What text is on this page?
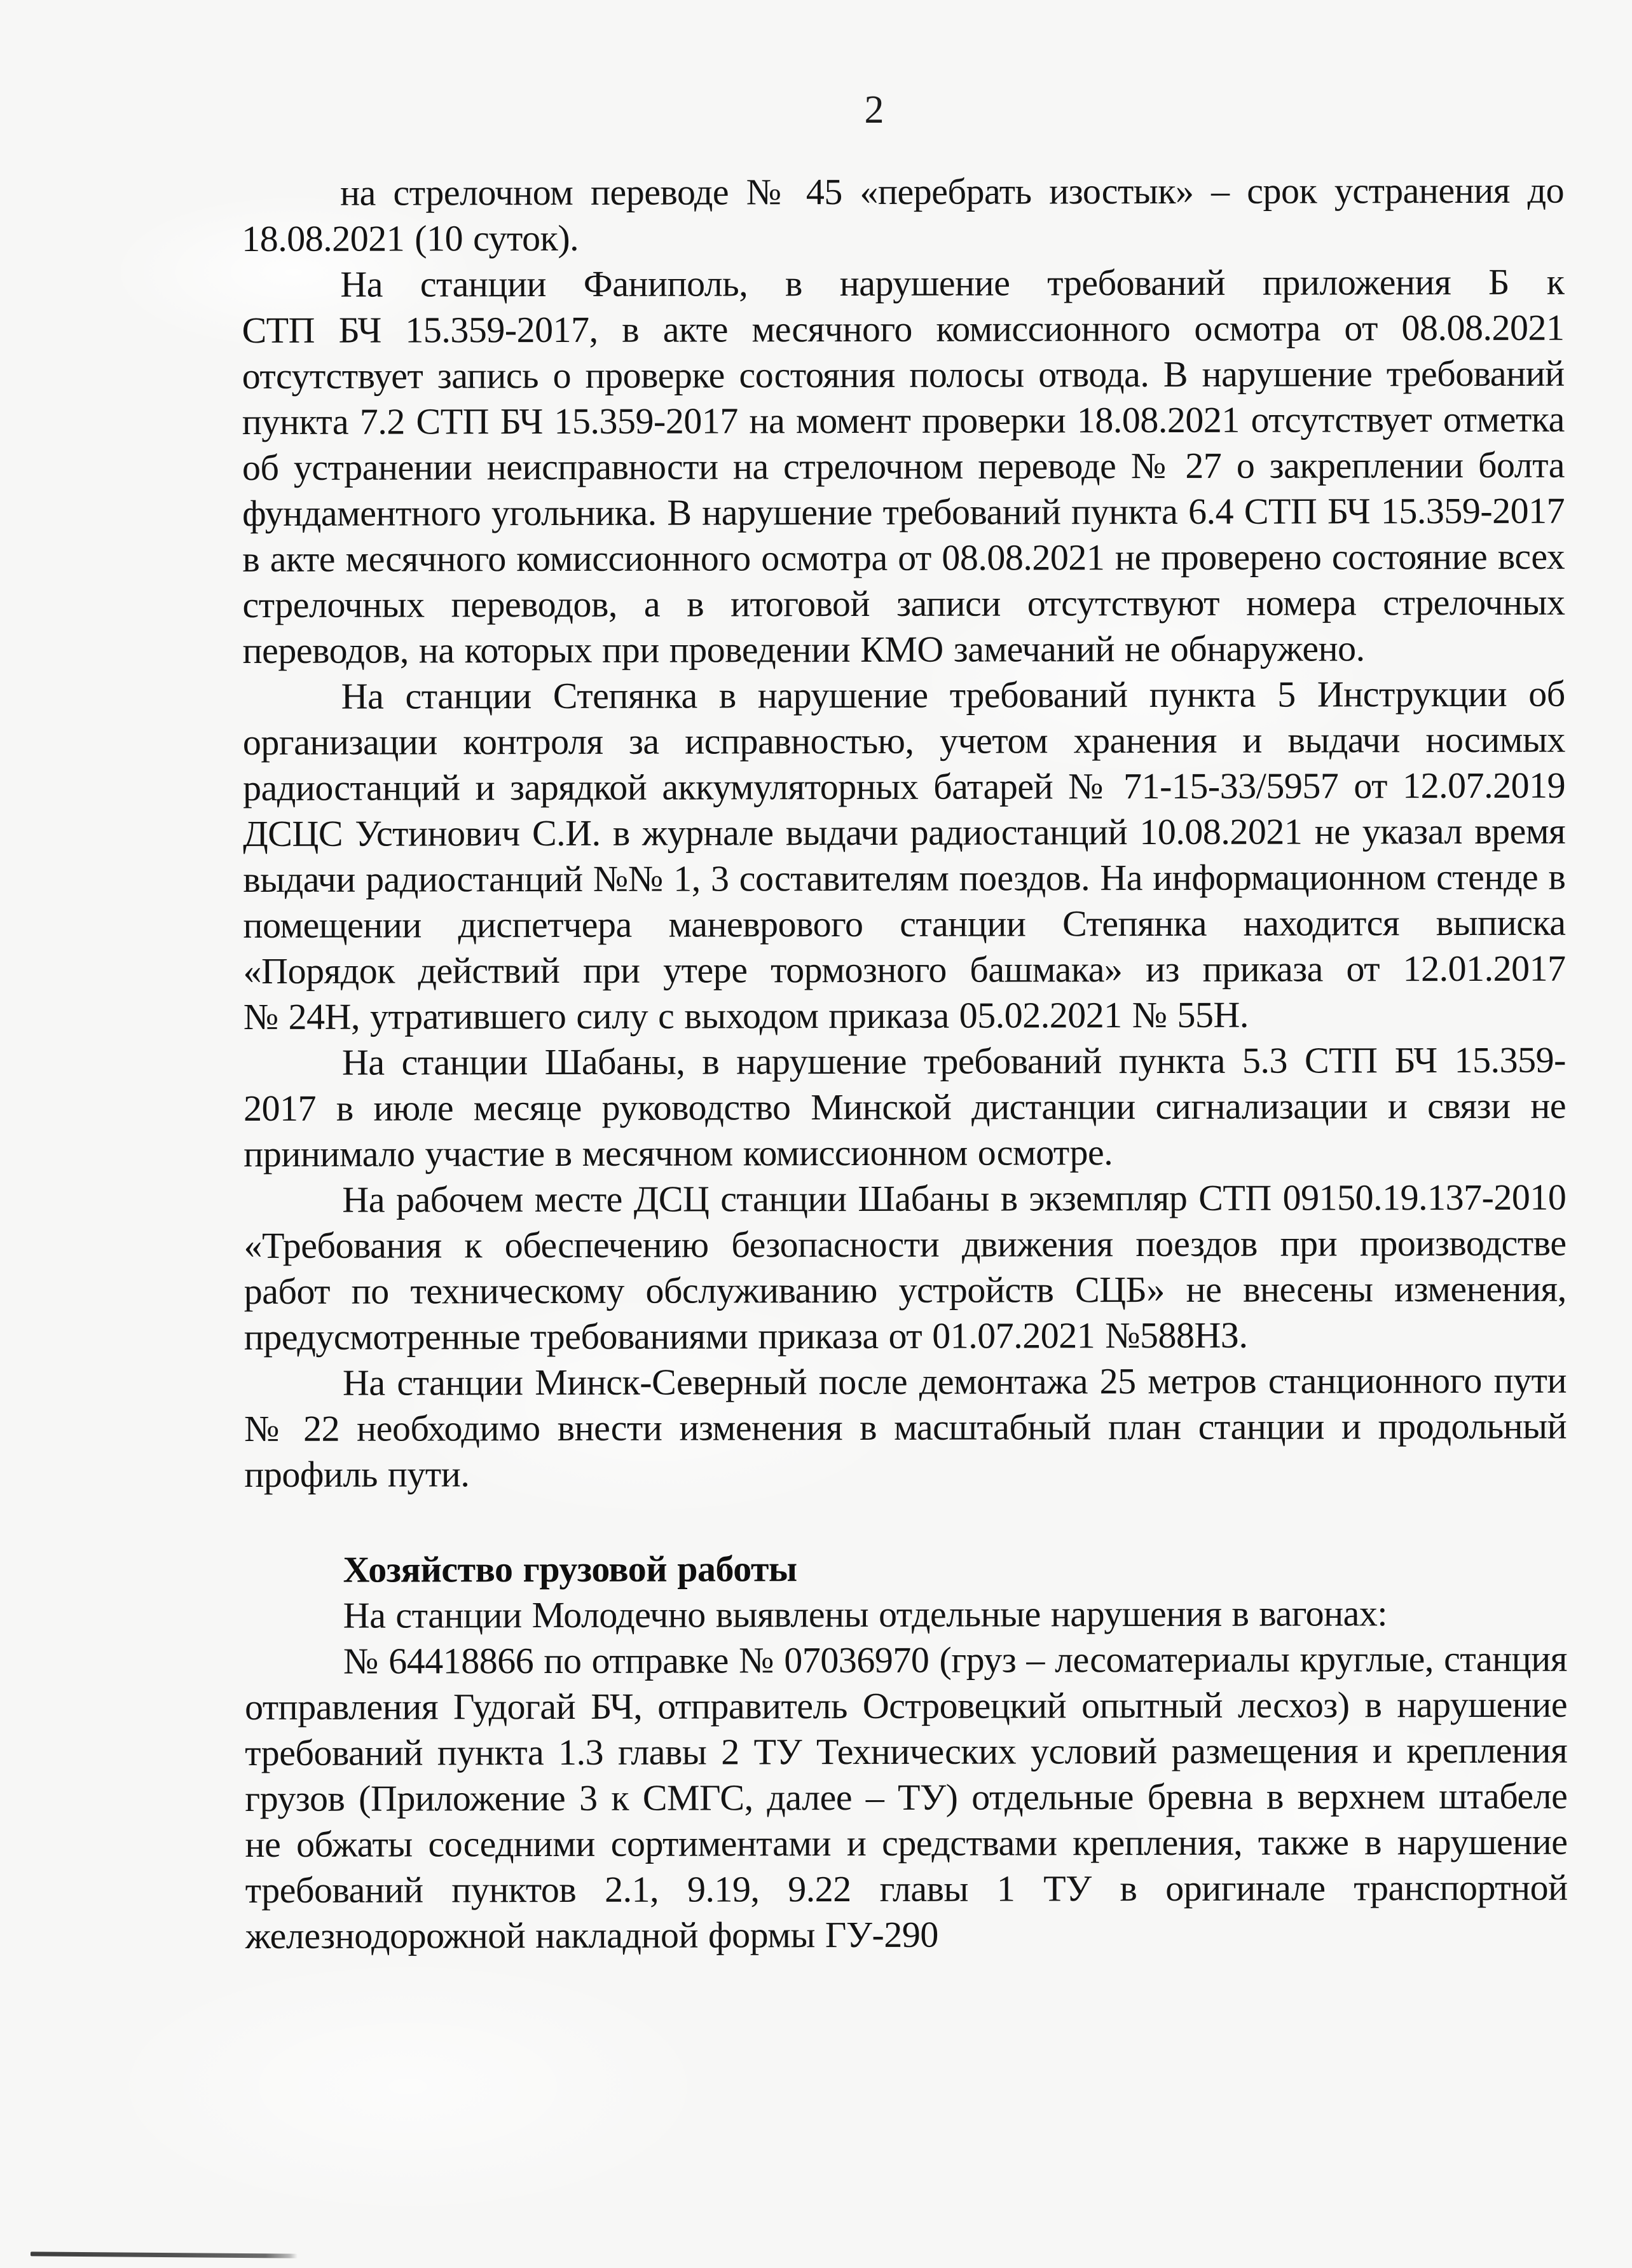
2

на стрелочном переводе № 45 «перебрать изостык» – срок устранения до 18.08.2021 (10 суток).

На станции Фаниполь, в нарушение требований приложения Б к СТП БЧ 15.359-2017, в акте месячного комиссионного осмотра от 08.08.2021 отсутствует запись о проверке состояния полосы отвода. В нарушение требований пункта 7.2 СТП БЧ 15.359-2017 на момент проверки 18.08.2021 отсутствует отметка об устранении неисправности на стрелочном переводе № 27 о закреплении болта фундаментного угольника. В нарушение требований пункта 6.4 СТП БЧ 15.359-2017 в акте месячного комиссионного осмотра от 08.08.2021 не проверено состояние всех стрелочных переводов, а в итоговой записи отсутствуют номера стрелочных переводов, на которых при проведении КМО замечаний не обнаружено.

На станции Степянка в нарушение требований пункта 5 Инструкции об организации контроля за исправностью, учетом хранения и выдачи носимых радиостанций и зарядкой аккумуляторных батарей № 71-15-33/5957 от 12.07.2019 ДСЦС Устинович С.И. в журнале выдачи радиостанций 10.08.2021 не указал время выдачи радиостанций №№ 1, 3 составителям поездов. На информационном стенде в помещении диспетчера маневрового станции Степянка находится выписка «Порядок действий при утере тормозного башмака» из приказа от 12.01.2017 № 24Н, утратившего силу с выходом приказа 05.02.2021 № 55Н.

На станции Шабаны, в нарушение требований пункта 5.3 СТП БЧ 15.359-2017 в июле месяце руководство Минской дистанции сигнализации и связи не принимало участие в месячном комиссионном осмотре.

На рабочем месте ДСЦ станции Шабаны в экземпляр СТП 09150.19.137-2010 «Требования к обеспечению безопасности движения поездов при производстве работ по техническому обслуживанию устройств СЦБ» не внесены изменения, предусмотренные требованиями приказа от 01.07.2021 №588НЗ.

На станции Минск-Северный после демонтажа 25 метров станционного пути № 22 необходимо внести изменения в масштабный план станции и продольный профиль пути.

Хозяйство грузовой работы

На станции Молодечно выявлены отдельные нарушения в вагонах:

№ 64418866 по отправке № 07036970 (груз – лесоматериалы круглые, станция отправления Гудогай БЧ, отправитель Островецкий опытный лесхоз) в нарушение требований пункта 1.3 главы 2 ТУ Технических условий размещения и крепления грузов (Приложение 3 к СМГС, далее – ТУ) отдельные бревна в верхнем штабеле не обжаты соседними сортиментами и средствами крепления, также в нарушение требований пунктов 2.1, 9.19, 9.22 главы 1 ТУ в оригинале транспортной железнодорожной накладной формы ГУ-290
